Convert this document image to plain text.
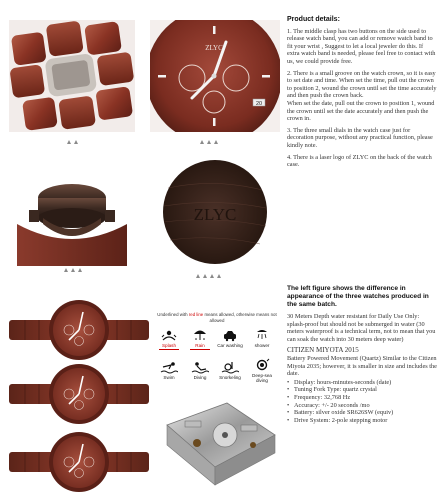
20
ZLYC
ZLYC

Product details:

1. The middle clasp has two buttons on the side used to release watch band, you can add or remove watch band to fit your wrist , Suggest to let a local jeweler do this. If extra watch band is needed, please feel free to contact with us, we could provide free.

2. There is a small groove on the watch crown, so it is easy to set date and time. When set the time, pull out the crown to position 2, wound the crown until set the time accurately and then push the crown back.

When set the date, pull out the crown to position 1, wound the crown until set the date accurately and then push the crown in.

3. The three small dials in the watch case just for decoration purpose, without any practical function, please kindly note.

4. There is a laser logo of ZLYC on the back of the watch case.

Underlined with red line means allowed, otherwise means not allowed
Splash	Rain	Car washing	shower
Swim	Diving	Snorkeling	Deep-sea diving

The left figure shows the difference in appearance of the three watches produced in the same batch.

30 Meters Depth water resistant for Daily Use Only: splash-proof but should not be submerged in water (30 meters waterproof is a technical term, not to mean that you can soak the watch into 30 meters deep water)

CITIZEN MIYOTA 2015

Battery Powered Movement (Quartz) Similar to the Citizen Miyota 2035; however, it is smaller in size and includes the date.

• Display: hours-minutes-seconds (date)
• Tuning Fork Type: quartz crystal
• Frequency: 32,768 Hz
• Accuracy: +/- 20 seconds /mo
• Battery: silver oxide SR626SW (equiv)
• Drive System: 2-pole stepping motor
